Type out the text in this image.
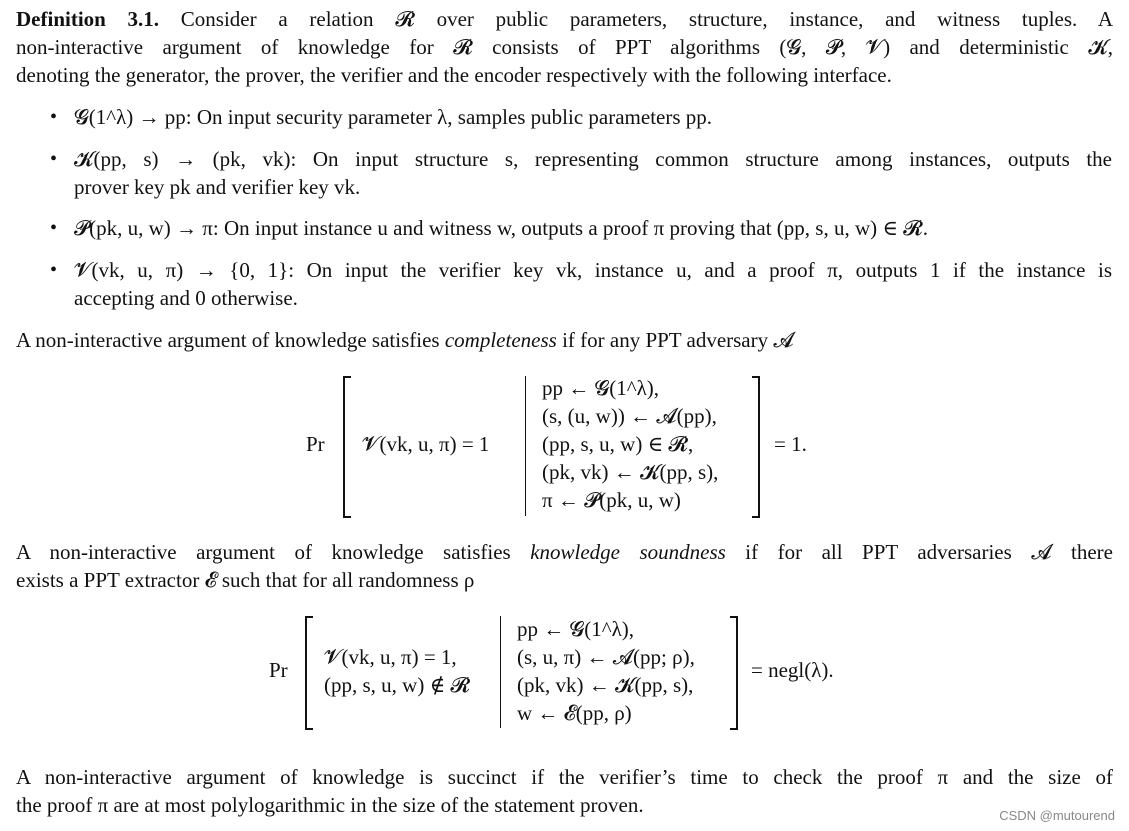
Definition 3.1. Consider a relation 𝓡 over public parameters, structure, instance, and witness tuples. A
non-interactive argument of knowledge for 𝓡 consists of PPT algorithms (𝓖, 𝓟, 𝓥) and deterministic 𝓚,
denoting the generator, the prover, the verifier and the encoder respectively with the following interface.
• 𝓖(1^λ) → pp: On input security parameter λ, samples public parameters pp.
• 𝓚(pp, s) → (pk, vk): On input structure s, representing common structure among instances, outputs the
prover key pk and verifier key vk.
• 𝓟(pk, u, w) → π: On input instance u and witness w, outputs a proof π proving that (pp, s, u, w) ∈ 𝓡.
• 𝓥(vk, u, π) → {0, 1}: On input the verifier key vk, instance u, and a proof π, outputs 1 if the instance is
accepting and 0 otherwise.
A non-interactive argument of knowledge satisfies completeness if for any PPT adversary 𝓐
Pr 𝓥(vk, u, π) = 1
pp ← 𝓖(1^λ),
(s, (u, w)) ← 𝓐(pp),
(pp, s, u, w) ∈ 𝓡,
(pk, vk) ← 𝓚(pp, s),
π ← 𝓟(pk, u, w)
= 1.
A non-interactive argument of knowledge satisfies knowledge soundness if for all PPT adversaries 𝓐 there
exists a PPT extractor 𝓔 such that for all randomness ρ
Pr
𝓥(vk, u, π) = 1,
(pp, s, u, w) ∉ 𝓡
pp ← 𝓖(1^λ),
(s, u, π) ← 𝓐(pp; ρ),
(pk, vk) ← 𝓚(pp, s),
w ← 𝓔(pp, ρ)
= negl(λ).
A non-interactive argument of knowledge is succinct if the verifier’s time to check the proof π and the size of
the proof π are at most polylogarithmic in the size of the statement proven.	CSDN @mutourend
